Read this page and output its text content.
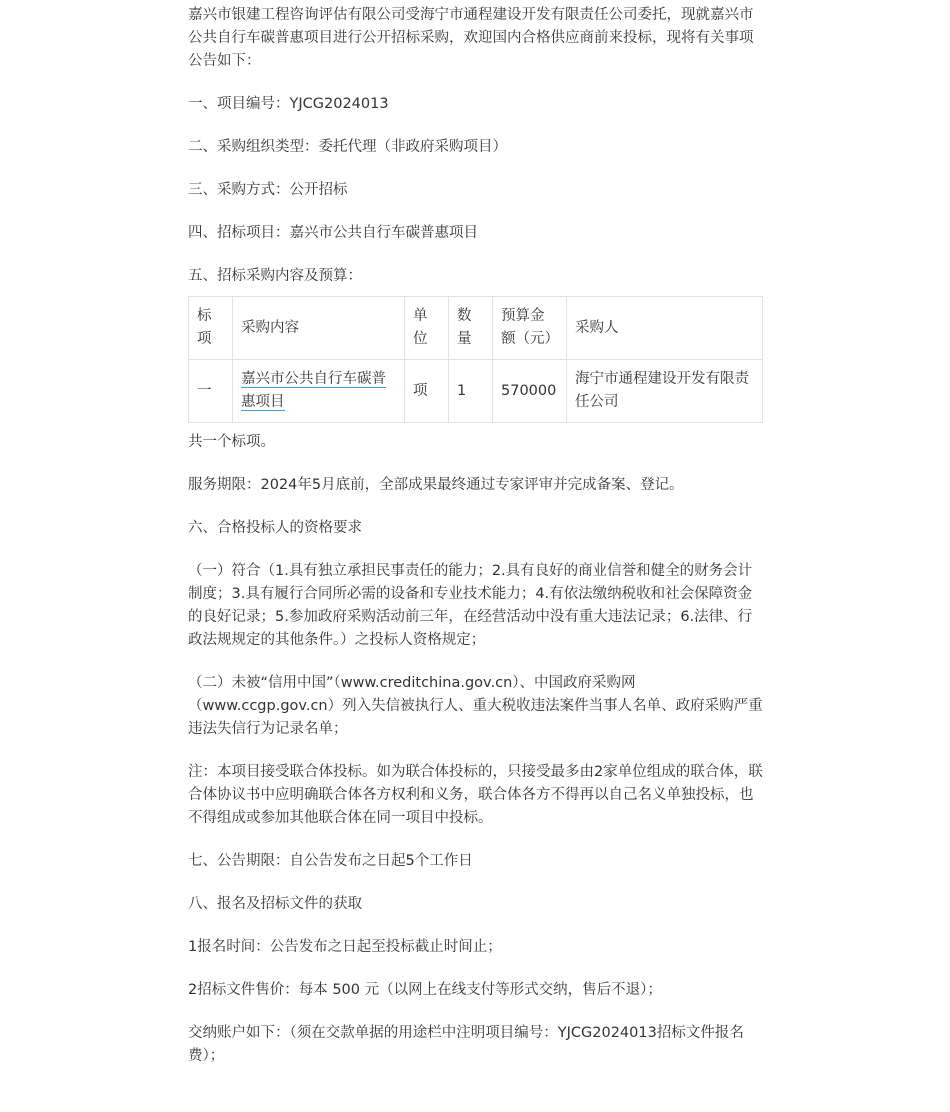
嘉兴市银建工程咨询评估有限公司受海宁市通程建设开发有限责任公司委托，现就嘉兴市公共自行车碳普惠项目进行公开招标采购，欢迎国内合格供应商前来投标，现将有关事项公告如下：

一、项目编号：YJCG2024013

二、采购组织类型：委托代理（非政府采购项目）

三、采购方式：公开招标

四、招标项目：嘉兴市公共自行车碳普惠项目

五、招标采购内容及预算：

标项	采购内容	单位	数量	预算金额（元）	采购人
一	嘉兴市公共自行车碳普惠项目	项	1	570000	海宁市通程建设开发有限责任公司

共一个标项。

服务期限：2024年5月底前，全部成果最终通过专家评审并完成备案、登记。

六、合格投标人的资格要求

（一）符合（1.具有独立承担民事责任的能力；2.具有良好的商业信誉和健全的财务会计制度；3.具有履行合同所必需的设备和专业技术能力；4.有依法缴纳税收和社会保障资金的良好记录；5.参加政府采购活动前三年，在经营活动中没有重大违法记录；6.法律、行政法规规定的其他条件。）之投标人资格规定；

（二）未被“信用中国”（www.creditchina.gov.cn）、中国政府采购网（www.ccgp.gov.cn）列入失信被执行人、重大税收违法案件当事人名单、政府采购严重违法失信行为记录名单；

注：本项目接受联合体投标。如为联合体投标的，只接受最多由2家单位组成的联合体，联合体协议书中应明确联合体各方权利和义务，联合体各方不得再以自己名义单独投标，也不得组成或参加其他联合体在同一项目中投标。

七、公告期限：自公告发布之日起5个工作日

八、报名及招标文件的获取

1报名时间：公告发布之日起至投标截止时间止；

2招标文件售价：每本 500 元（以网上在线支付等形式交纳，售后不退）；

交纳账户如下：（须在交款单据的用途栏中注明项目编号：YJCG2024013招标文件报名费）；
